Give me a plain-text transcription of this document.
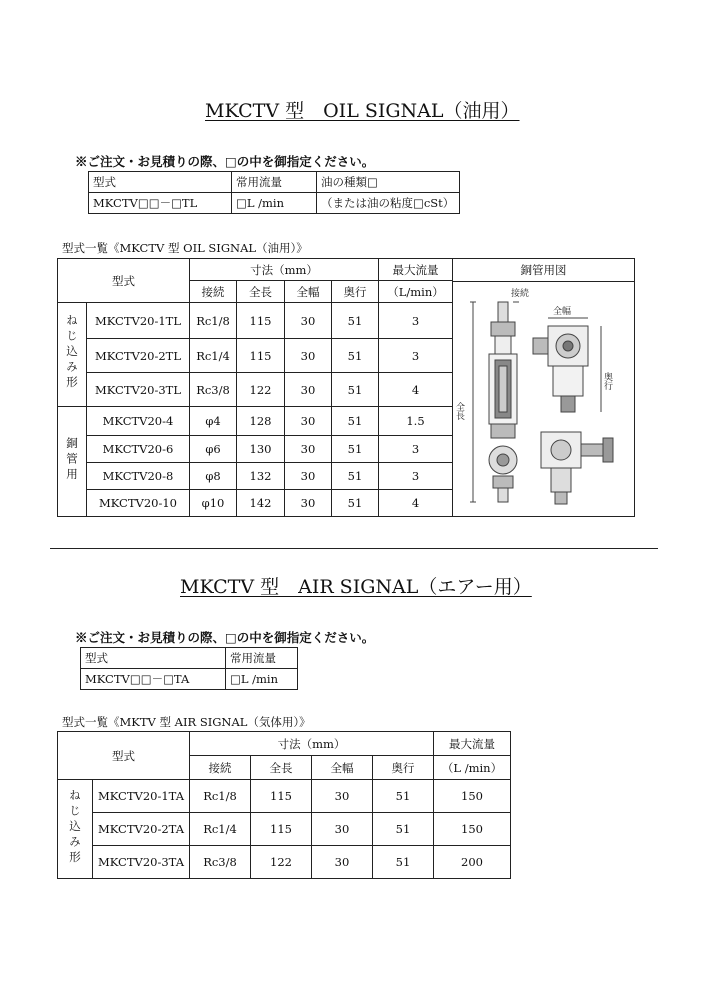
MKCTV 型　OIL SIGNAL（油用）
※ご注文・お見積りの際、□の中を御指定ください。
型式	常用流量	油の種類□
MKCTV□□－□TL	□L /min	（または油の粘度□cSt）
型式一覧《MKCTV 型 OIL SIGNAL（油用）》
型式		寸法（mm）				最大流量	銅管用図
接続
全幅
全長
奥行

		接続	全長	全幅	奥行	（L/min）	
ねじ込み形	MKCTV20-1TL	Rc1/8	115	30	51	3	
	MKCTV20-2TL	Rc1/4	115	30	51	3	
	MKCTV20-3TL	Rc3/8	122	30	51	4	
銅管用	MKCTV20-4	φ4	128	30	51	1.5	
	MKCTV20-6	φ6	130	30	51	3	
	MKCTV20-8	φ8	132	30	51	3	
	MKCTV20-10	φ10	142	30	51	4	
MKCTV 型　AIR SIGNAL（エアー用）
※ご注文・お見積りの際、□の中を御指定ください。
型式	常用流量
MKCTV□□－□TA	□L /min
型式一覧《MKTV 型 AIR SIGNAL（気体用）》
型式		寸法（mm）				最大流量
		接続	全長	全幅	奥行	（L /min）
ねじ込み形	MKCTV20-1TA	Rc1/8	115	30	51	150
	MKCTV20-2TA	Rc1/4	115	30	51	150
	MKCTV20-3TA	Rc3/8	122	30	51	200
